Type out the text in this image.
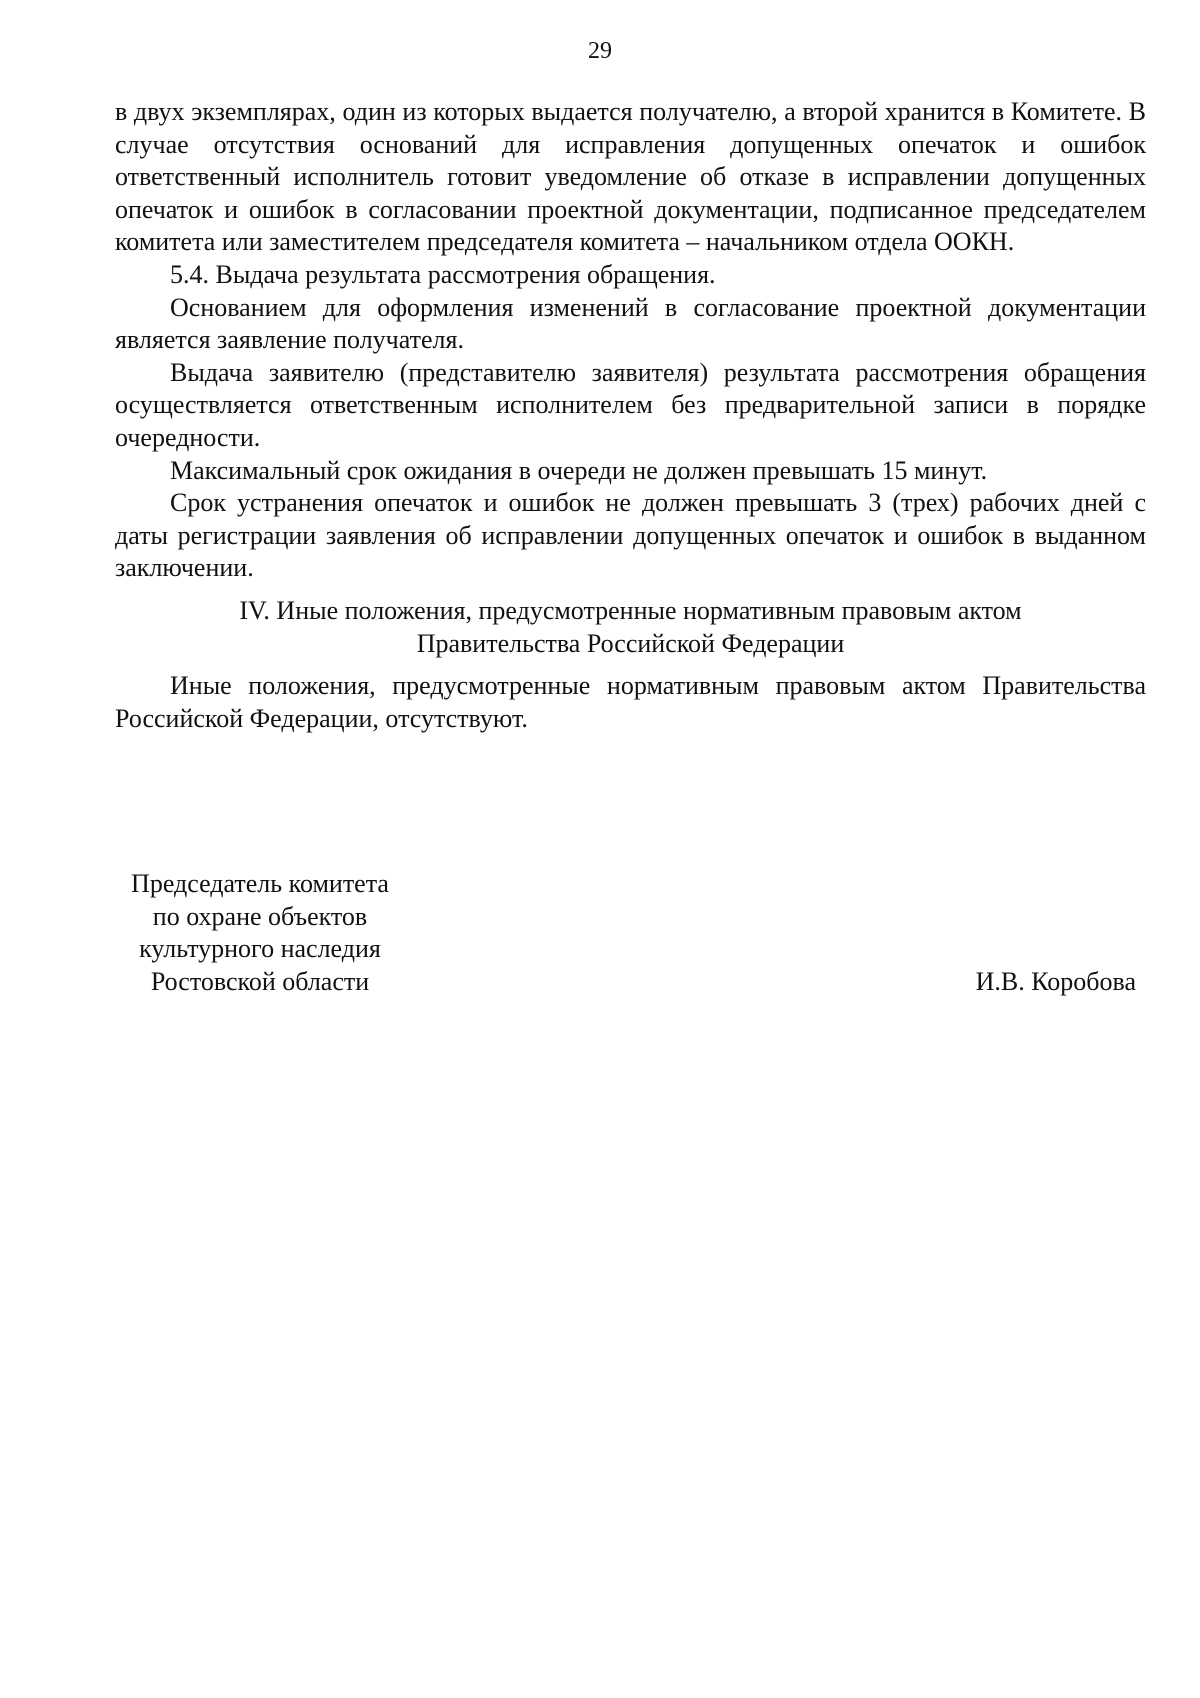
29

в двух экземплярах, один из которых выдается получателю, а второй хранится в Комитете. В случае отсутствия оснований для исправления допущенных опечаток и ошибок ответственный исполнитель готовит уведомление об отказе в исправлении допущенных опечаток и ошибок в согласовании проектной документации, подписанное председателем комитета или заместителем председателя комитета – начальником отдела ООКН.

5.4. Выдача результата рассмотрения обращения.

Основанием для оформления изменений в согласование проектной документации является заявление получателя.

Выдача заявителю (представителю заявителя) результата рассмотрения обращения осуществляется ответственным исполнителем без предварительной записи в порядке очередности.

Максимальный срок ожидания в очереди не должен превышать 15 минут.

Срок устранения опечаток и ошибок не должен превышать 3 (трех) рабочих дней с даты регистрации заявления об исправлении допущенных опечаток и ошибок в выданном заключении.

IV. Иные положения, предусмотренные нормативным правовым актом
Правительства Российской Федерации

Иные положения, предусмотренные нормативным правовым актом Правительства Российской Федерации, отсутствуют.

Председатель комитета
по охране объектов
культурного наследия
Ростовской области	И.В. Коробова
